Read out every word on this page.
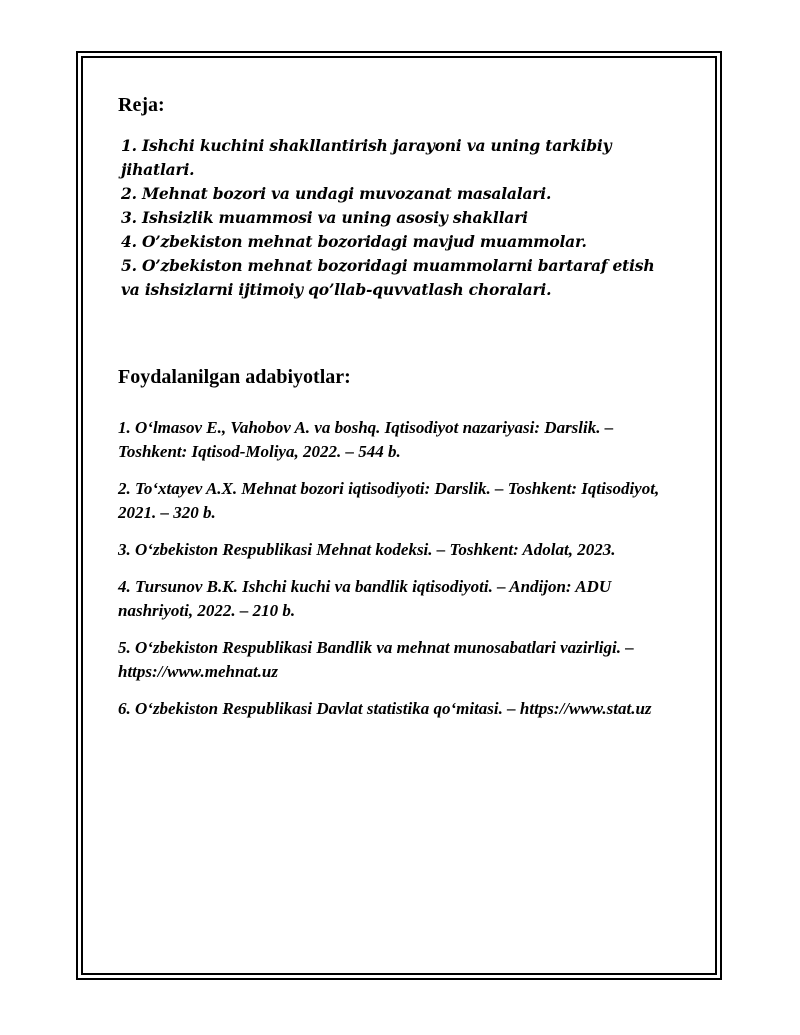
Reja:
1. Ishchi kuchini shakllantirish jarayoni va uning tarkibiy jihatlari.
2. Mehnat bozori va undagi muvozanat masalalari.
3. Ishsizlik muammosi va uning asosiy shakllari
4. O’zbekiston mehnat bozoridagi mavjud muammolar.
5. O’zbekiston mehnat bozoridagi muammolarni bartaraf etish va ishsizlarni ijtimoiy qo’llab-quvvatlash choralari.
Foydalanilgan adabiyotlar:

1. O‘lmasov E., Vahobov A. va boshq. Iqtisodiyot nazariyasi: Darslik. – Toshkent: Iqtisod-Moliya, 2022. – 544 b.

2. To‘xtayev A.X. Mehnat bozori iqtisodiyoti: Darslik. – Toshkent: Iqtisodiyot, 2021. – 320 b.

3. O‘zbekiston Respublikasi Mehnat kodeksi. – Toshkent: Adolat, 2023.

4. Tursunov B.K. Ishchi kuchi va bandlik iqtisodiyoti. – Andijon: ADU nashriyoti, 2022. – 210 b.

5. O‘zbekiston Respublikasi Bandlik va mehnat munosabatlari vazirligi. – https://www.mehnat.uz

6. O‘zbekiston Respublikasi Davlat statistika qo‘mitasi. – https://www.stat.uz
